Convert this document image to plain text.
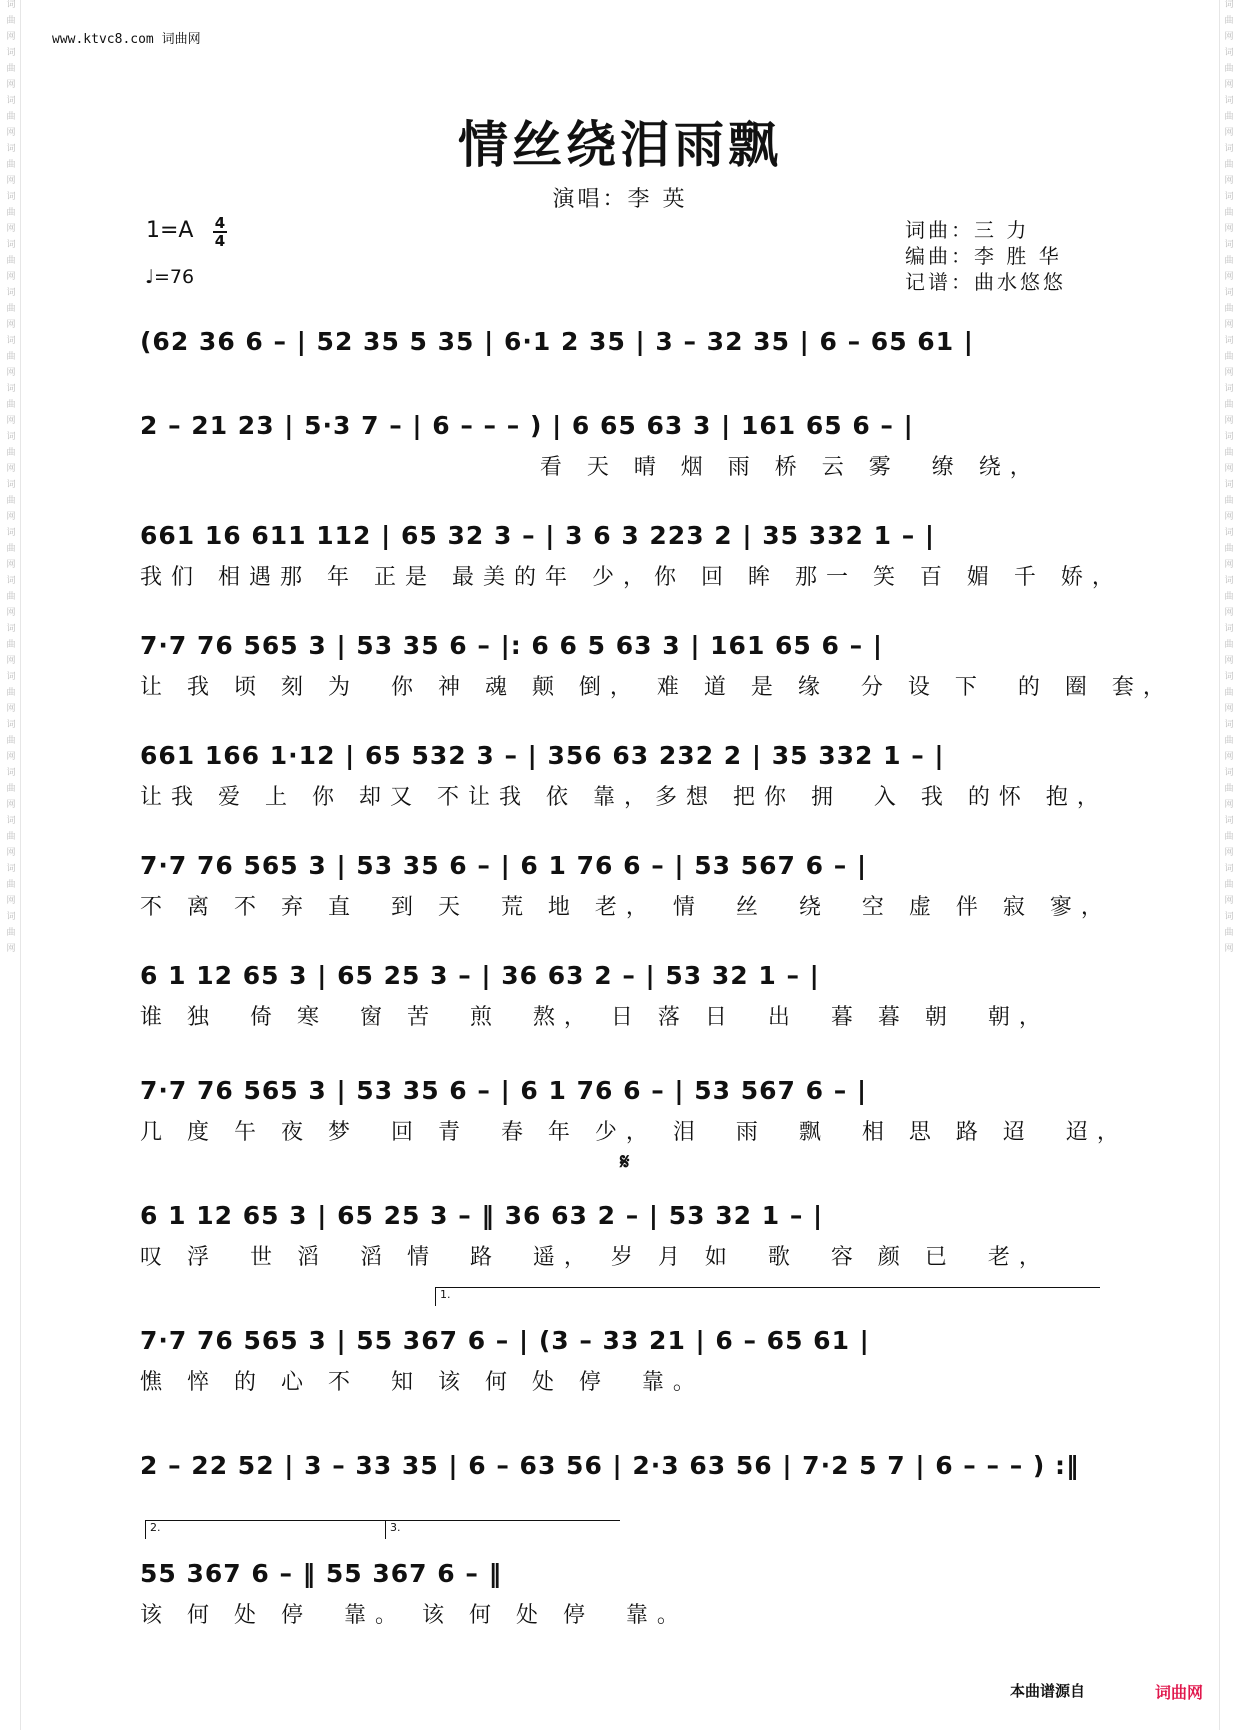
词
曲
网
词
曲
网
词
曲
网
词
曲
网
词
曲
网
词
曲
网
词
曲
网
词
曲
网
词
曲
网
词
曲
网
词
曲
网
词
曲
网
词
曲
网
词
曲
网
词
曲
网
词
曲
网
词
曲
网
词
曲
网
词
曲
网
词
曲
网
词
曲
网
词
曲
网
词
曲
网
词
曲
网
词
曲
网
词
曲
网
词
曲
网
词
曲
网
词
曲
网
词
曲
网
词
曲
网
词
曲
网
词
曲
网
词
曲
网
词
曲
网
词
曲
网
词
曲
网
词
曲
网
词
曲
网
词
曲
网
www.ktvc8.com 词曲网
情丝绕泪雨飘
演唱：李 英
1=A 4
4
♩=76
词曲：三 力
编曲：李 胜 华
记谱：曲水悠悠
(62 36 6 – | 52 35 5 35 | 6·1 2 35 | 3 – 32 35 | 6 – 65 61 |
2 – 21 23 | 5·3 7 – | 6 – – – ) | 6 65 63 3 | 161 65 6 – |
看 天 晴 烟 雨 桥 云 雾  缭 绕，
661 16 611 112 | 65 32 3 – | 3 6 3 223 2 | 35 332 1 – |
我们 相遇那 年 正是 最美的年 少，你 回 眸 那一 笑 百 媚 千 娇，
7·7 76 565 3 | 53 35 6 – |: 6 6 5 63 3 | 161 65 6 – |
让 我 顷 刻 为  你 神 魂 颠 倒， 难 道 是 缘  分 设 下  的 圈 套，
661 166 1·12 | 65 532 3 – | 356 63 232 2 | 35 332 1 – |
让我 爱 上 你 却又 不让我 依 靠，多想 把你 拥  入 我 的怀 抱，
7·7 76 565 3 | 53 35 6 – | 6 1 76 6 – | 53 567 6 – |
不 离 不 弃 直  到 天  荒 地 老， 情  丝  绕  空 虚 伴 寂 寥，
6 1 12 65 3 | 65 25 3 – | 36 63 2 – | 53 32 1 – |
谁 独  倚 寒  窗 苦  煎  熬， 日 落 日  出  暮 暮 朝  朝，
7·7 76 565 3 | 53 35 6 – | 6 1 76 6 – | 53 567 6 – |
几 度 午 夜 梦  回 青  春 年 少， 泪  雨  飘  相 思 路 迢  迢，
𝄋
6 1 12 65 3 | 65 25 3 – ‖ 36 63 2 – | 53 32 1 – |
叹 浮  世 滔  滔 情  路  遥， 岁 月 如  歌  容 颜 已  老，
1.
7·7 76 565 3 | 55 367 6 – | (3 – 33 21 | 6 – 65 61 |
憔 悴 的 心 不  知 该 何 处 停  靠。
2 – 22 52 | 3 – 33 35 | 6 – 63 56 | 2·3 63 56 | 7·2 5 7 | 6 – – – ) :‖
2.	3.
55 367 6 – ‖ 55 367 6 – ‖
该 何 处 停  靠。 该 何 处 停  靠。
本曲谱源自	词曲网
